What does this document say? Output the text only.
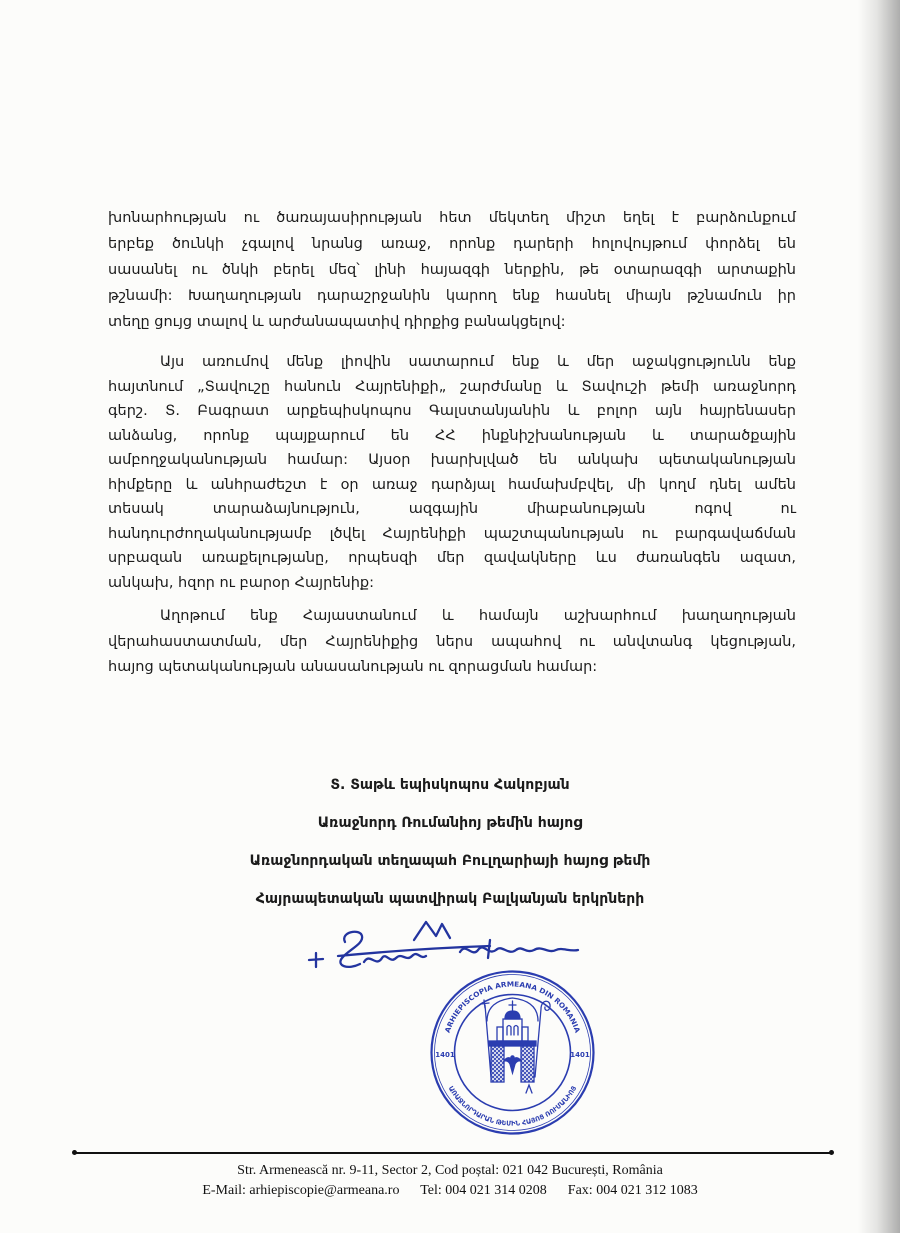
խոնարհության ու ծառայասիրության հետ մեկտեղ միշտ եղել է բարձունքում
երբեք ծունկի չգալով նրանց առաջ, որոնք դարերի հոլովույթում փորձել են
սասանել ու ծնկի բերել մեզ՝ լինի հայազգի ներքին, թե օտարազգի արտաքին
թշնամի: Խաղաղության դարաշրջանին կարող ենք հասնել միայն թշնամուն իր
տեղը ցույց տալով և արժանապատիվ դիրքից բանակցելով:
Այս առումով մենք լիովին սատարում ենք և մեր աջակցությունն ենք
հայտնում „Տավուշը հանուն Հայրենիքի„ շարժմանը և Տավուշի թեմի առաջնորդ
գերշ. Տ. Բագրատ արքեպիսկոպոս Գալստանյանին և բոլոր այն հայրենասեր
անձանց, որոնք պայքարում են ՀՀ ինքնիշխանության և տարածքային
ամբողջականության համար: Այսօր խարխլված են անկախ պետականության
հիմքերը և անհրաժեշտ է օր առաջ դարձյալ համախմբվել, մի կողմ դնել ամեն
տեսակ տարաձայնություն, ազգային միաբանության ոգով ու
հանդուրժողականությամբ լծվել Հայրենիքի պաշտպանության ու բարգավաճման
սրբազան առաքելությանը, որպեսզի մեր զավակները ևս ժառանգեն ազատ,
անկախ, հզոր ու բարօր Հայրենիք:
Աղոթում ենք Հայաստանում և համայն աշխարհում խաղաղության
վերահաստատման, մեր Հայրենիքից ներս ապահով ու անվտանգ կեցության,
հայոց պետականության անասանության ու զորացման համար:
Տ. Տաթև եպիսկոպոս Հակոբյան
Առաջնորդ Ռումանիոյ թեմին հայոց
Առաջնորդական տեղապահ Բուլղարիայի հայոց թեմի
Հայրապետական պատվիրակ Բալկանյան երկրների
ARHIEPISCOPIA ARMEANA DIN ROMANIA
ԱՌԱՋՆՈՐԴԱՐԱՆ ԹԵՄԻՆ ՀԱՅՈՑ ՌՈՒՄԱՆԻՈՅ
1401	1401
Str. Armenească nr. 9-11, Sector 2, Cod poștal: 021 042 București, România
E-Mail: arhiepiscopie@armeana.ro Tel: 004 021 314 0208 Fax: 004 021 312 1083
